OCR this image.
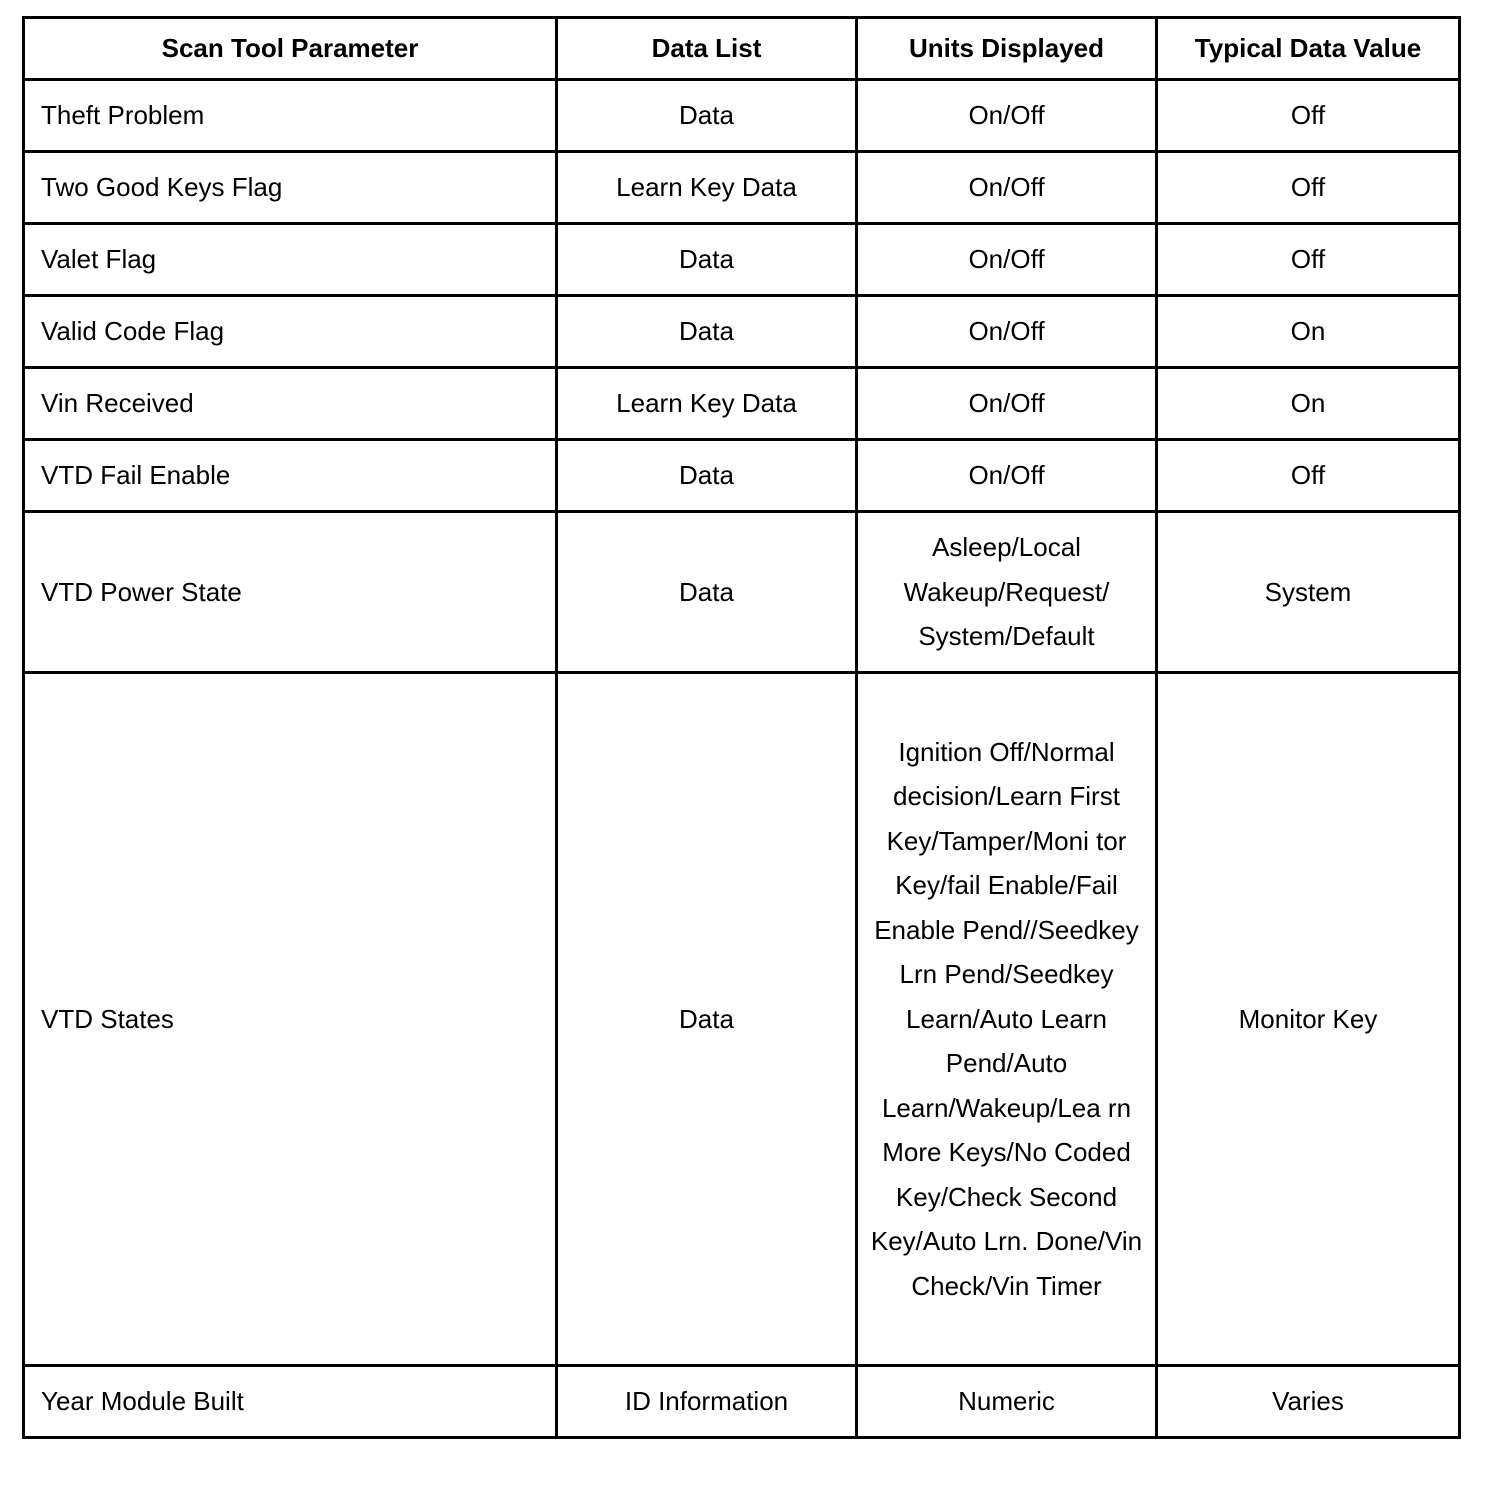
Scan Tool Parameter	Data List	Units Displayed	Typical Data Value
Theft Problem	Data	On/Off	Off
Two Good Keys Flag	Learn Key Data	On/Off	Off
Valet Flag	Data	On/Off	Off
Valid Code Flag	Data	On/Off	On
Vin Received	Learn Key Data	On/Off	On
VTD Fail Enable	Data	On/Off	Off
VTD Power State	Data	Asleep/Local Wakeup/Request/ System/Default	System
VTD States	Data	Ignition Off/Normal decision/Learn First Key/Tamper/Moni tor Key/fail Enable/Fail Enable Pend//Seedkey Lrn Pend/Seedkey Learn/Auto Learn Pend/Auto Learn/Wakeup/Lea rn More Keys/No Coded Key/Check Second Key/Auto Lrn. Done/Vin Check/Vin Timer	Monitor Key
Year Module Built	ID Information	Numeric	Varies
